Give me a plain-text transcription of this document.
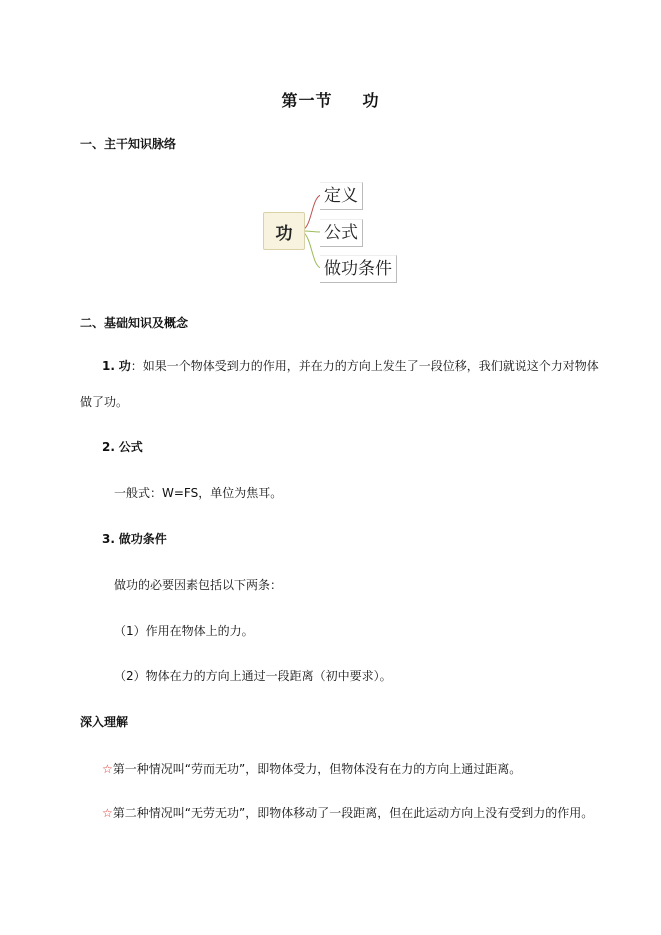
第一节 功
一、主干知识脉络
功
定义
公式
做功条件
二、基础知识及概念
1. 功：如果一个物体受到力的作用，并在力的方向上发生了一段位移，我们就说这个力对物体
做了功。
2. 公式
一般式：W=FS，单位为焦耳。
3. 做功条件
做功的必要因素包括以下两条：
（1）作用在物体上的力。
（2）物体在力的方向上通过一段距离（初中要求）。
深入理解
☆第一种情况叫“劳而无功”，即物体受力，但物体没有在力的方向上通过距离。
☆第二种情况叫“无劳无功”，即物体移动了一段距离，但在此运动方向上没有受到力的作用。
